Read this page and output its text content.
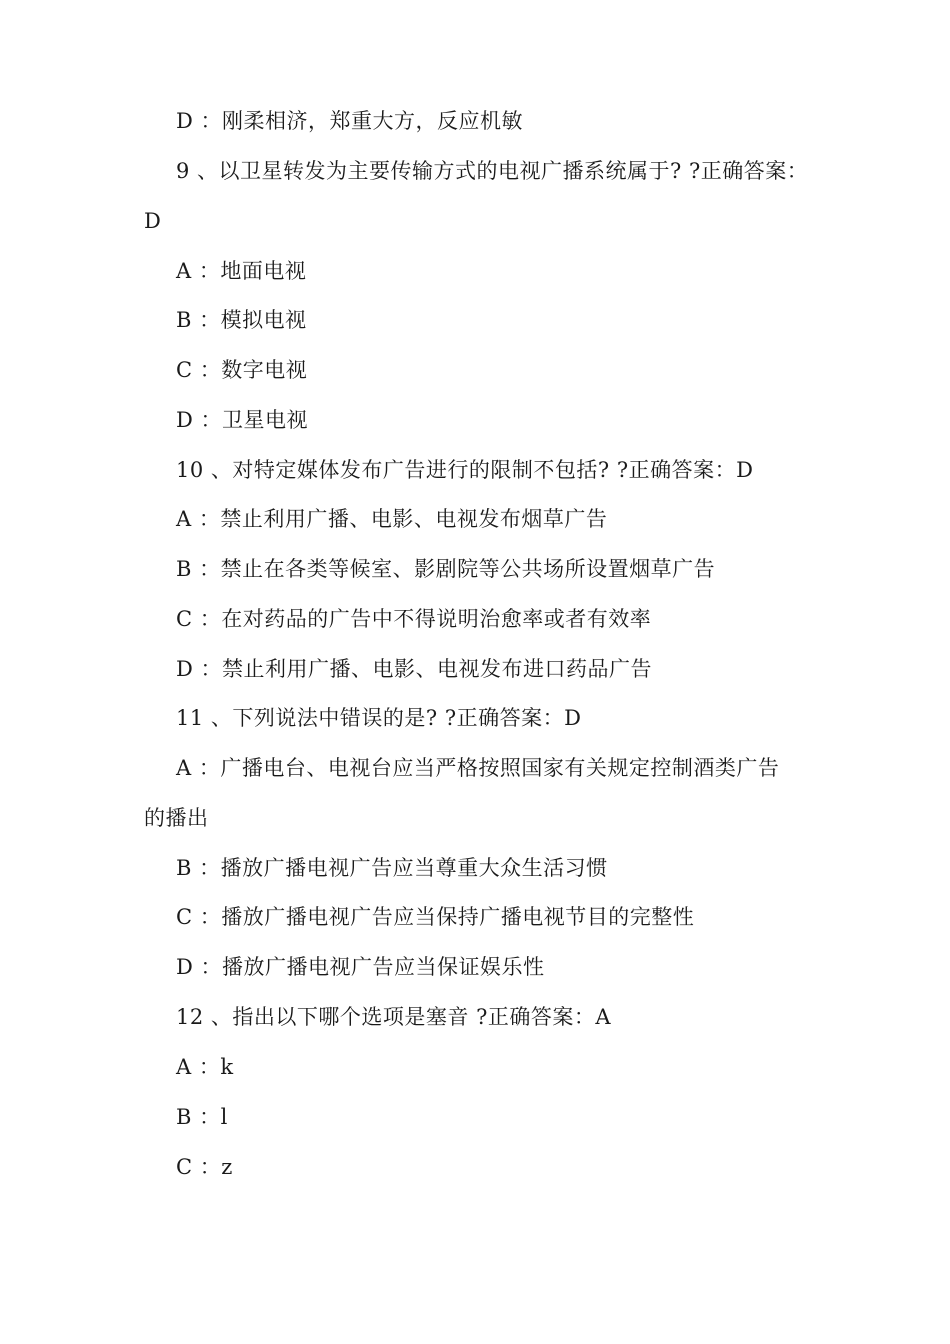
D ：刚柔相济，郑重大方，反应机敏
9 、以卫星转发为主要传输方式的电视广播系统属于? ?正确答案：
D
A ：地面电视
B ：模拟电视
C ：数字电视
D ：卫星电视
10 、对特定媒体发布广告进行的限制不包括? ?正确答案：D
A ：禁止利用广播、电影、电视发布烟草广告
B ：禁止在各类等候室、影剧院等公共场所设置烟草广告
C ：在对药品的广告中不得说明治愈率或者有效率
D ：禁止利用广播、电影、电视发布进口药品广告
11 、下列说法中错误的是? ?正确答案：D
A ：广播电台、电视台应当严格按照国家有关规定控制酒类广告
的播出
B ：播放广播电视广告应当尊重大众生活习惯
C ：播放广播电视广告应当保持广播电视节目的完整性
D ：播放广播电视广告应当保证娱乐性
12 、指出以下哪个选项是塞音 ?正确答案：A
A ：k
B ：l
C ：z
